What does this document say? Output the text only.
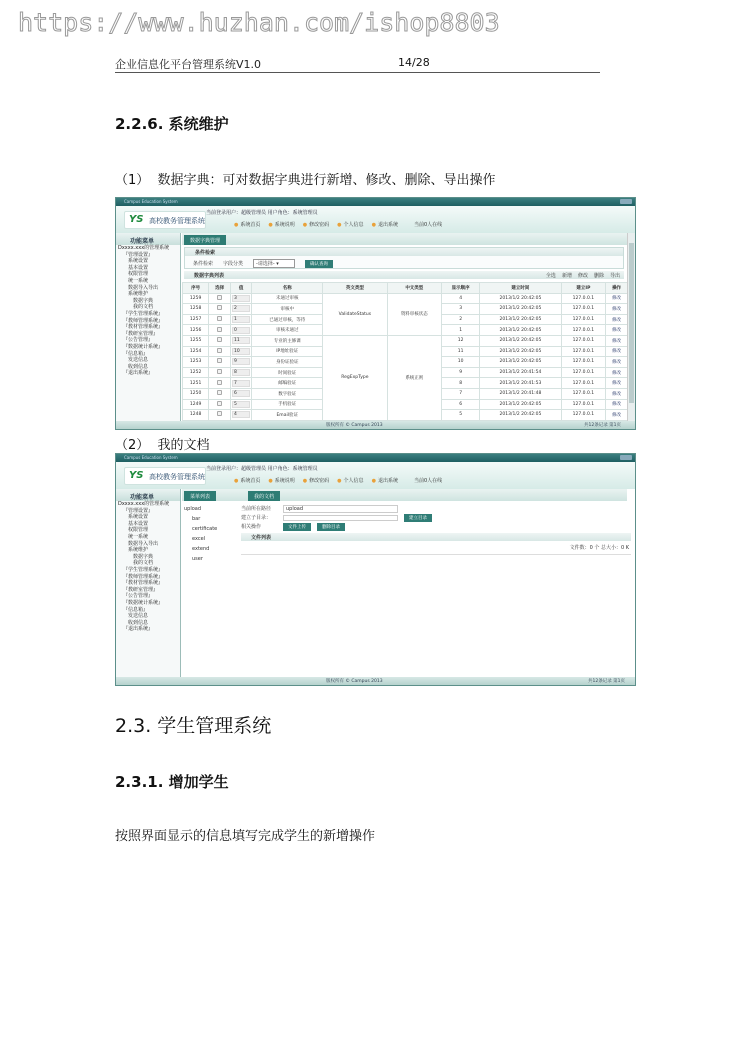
https://www.huzhan.com/ishop8803
企业信息化平台管理系统V1.0	14/28
2.2.6. 系统维护
（1） 数据字典：可对数据字典进行新增、修改、删除、导出操作
Campus Education System
YS 高校教务管理系统
当前登录用户：超级管理员 用户角色：系统管理员
● 系统首页	● 系统说明	● 修改密码	● 个人信息	● 退出系统	当前0人在线
功能菜单
Dxxxx.xxx的管理系统
『管理设置』
系统设置
基本设置
权限管理
统一系统
数据导入导出
系统维护
数据字典
我的文档
『学生管理系统』
『教师管理系统』
『教材管理系统』
『教研室管理』
『公告管理』
『数据统计系统』
『信息箱』
发送信息
收到信息
『退出系统』
数据字典管理
条件检索
条件检索 字段分类	-请选择- ▾	确认查询
数据字典列表	全选 新增 修改 删除 导出
序号	选择	值	名称	英文类型	中文类型	显示顺序	建立时间	建立IP	操作
1259		3	未通过审核	ValidateStatus	资料审核状态	4	2013/1/2 20:42:05	127.0.0.1	修改
1258		2	审核中			3	2013/1/2 20:42:05	127.0.0.1	修改
1257		1	已通过审核，等待			2	2013/1/2 20:42:05	127.0.0.1	修改
1256		0	审核未通过			1	2013/1/2 20:42:05	127.0.0.1	修改
1255		11	专业的主修课	RegExpType	系统正则	12	2013/1/2 20:42:05	127.0.0.1	修改
1254		10	IP地址验证			11	2013/1/2 20:42:05	127.0.0.1	修改
1253		9	身份证验证			10	2013/1/2 20:42:05	127.0.0.1	修改
1252		8	时间验证			9	2013/1/2 20:41:54	127.0.0.1	修改
1251		7	邮编验证			8	2013/1/2 20:41:53	127.0.0.1	修改
1250		6	数字验证			7	2013/1/2 20:41:48	127.0.0.1	修改
1249		5	手机验证			6	2013/1/2 20:42:05	127.0.0.1	修改
1248		4	Email验证			5	2013/1/2 20:42:05	127.0.0.1	修改
版权所有 © Campus 2013	共12条记录 第1页
（2） 我的文档
Campus Education System
YS 高校教务管理系统
当前登录用户：超级管理员 用户角色：系统管理员
● 系统首页	● 系统说明	● 修改密码	● 个人信息	● 退出系统	当前0人在线
功能菜单
Dxxxx.xxx的管理系统
『管理设置』
系统设置
基本设置
权限管理
统一系统
数据导入导出
系统维护
数据字典
我的文档
『学生管理系统』
『教师管理系统』
『教材管理系统』
『教研室管理』
『公告管理』
『数据统计系统』
『信息箱』
发送信息
收到信息
『退出系统』
菜单列表	我的文档
upload
bar
certificate
excel
extend
user
当前所在路径	upload
建立子目录：	建立目录
相关操作	文件上传	删除目录
文件列表
文件数：0 个 总大小：0 K
版权所有 © Campus 2013	共12条记录 第1页
2.3. 学生管理系统
2.3.1. 增加学生
按照界面显示的信息填写完成学生的新增操作
